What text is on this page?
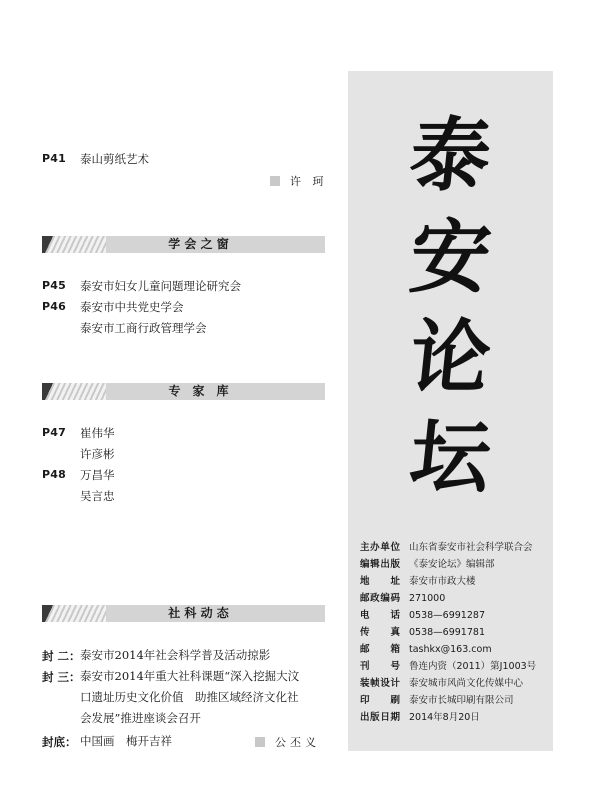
P41 泰山剪纸艺术
许 珂
学 会 之 窗
P45 泰安市妇女儿童问题理论研究会
P46 泰安市中共党史学会
泰安市工商行政管理学会
专　家　库
P47 崔伟华
许彦彬
P48 万昌华
吴言忠
社 科 动 态
封 二： 泰安市2014年社会科学普及活动掠影
封 三： 泰安市2014年重大社科课题“深入挖掘大汶
口遗址历史文化价值　助推区域经济文化社
会发展”推进座谈会召开
封底： 中国画　梅开吉祥	公丕义
泰
安
论
坛
主办单位 山东省泰安市社会科学联合会
编辑出版 《泰安论坛》编辑部
地　址 泰安市市政大楼
邮政编码 271000
电　话 0538—6991287
传　真 0538—6991781
邮　箱 tashkx@163.com
刊　号 鲁连内资（2011）第J1003号
装帧设计 泰安城市风尚文化传媒中心
印　刷 泰安市长城印刷有限公司
出版日期 2014年8月20日
